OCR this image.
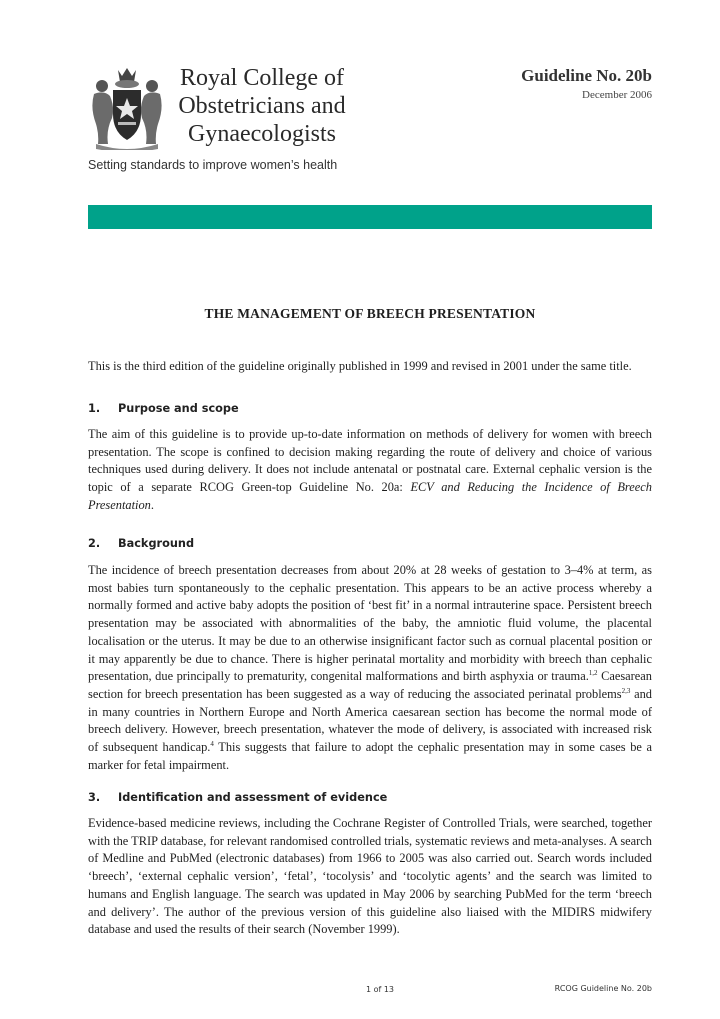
Royal College of
Obstetricians and
Gynaecologists
Setting standards to improve women’s health
Guideline No. 20b
December 2006
THE MANAGEMENT OF BREECH PRESENTATION
This is the third edition of the guideline originally published in 1999 and revised in 2001 under the same title.
1. Purpose and scope
The aim of this guideline is to provide up-to-date information on methods of delivery for women with breech presentation. The scope is confined to decision making regarding the route of delivery and choice of various techniques used during delivery. It does not include antenatal or postnatal care. External cephalic version is the topic of a separate RCOG Green-top Guideline No. 20a: ECV and Reducing the Incidence of Breech Presentation.
2. Background
The incidence of breech presentation decreases from about 20% at 28 weeks of gestation to 3–4% at term, as most babies turn spontaneously to the cephalic presentation. This appears to be an active process whereby a normally formed and active baby adopts the position of ‘best fit’ in a normal intrauterine space. Persistent breech presentation may be associated with abnormalities of the baby, the amniotic fluid volume, the placental localisation or the uterus. It may be due to an otherwise insignificant factor such as cornual placental position or it may apparently be due to chance. There is higher perinatal mortality and morbidity with breech than cephalic presentation, due principally to prematurity, congenital malformations and birth asphyxia or trauma.$^{1,2}$ Caesarean section for breech presentation has been suggested as a way of reducing the associated perinatal problems$^{2,3}$ and in many countries in Northern Europe and North America caesarean section has become the normal mode of breech delivery. However, breech presentation, whatever the mode of delivery, is associated with increased risk of subsequent handicap.$^4$ This suggests that failure to adopt the cephalic presentation may in some cases be a marker for fetal impairment.
3. Identification and assessment of evidence
Evidence-based medicine reviews, including the Cochrane Register of Controlled Trials, were searched, together with the TRIP database, for relevant randomised controlled trials, systematic reviews and meta-analyses. A search of Medline and PubMed (electronic databases) from 1966 to 2005 was also carried out. Search words included ‘breech’, ‘external cephalic version’, ‘fetal’, ‘tocolysis’ and ‘tocolytic agents’ and the search was limited to humans and English language. The search was updated in May 2006 by searching PubMed for the term ‘breech and delivery’. The author of the previous version of this guideline also liaised with the MIDIRS midwifery database and used the results of their search (November 1999).
1 of 13	RCOG Guideline No. 20b
